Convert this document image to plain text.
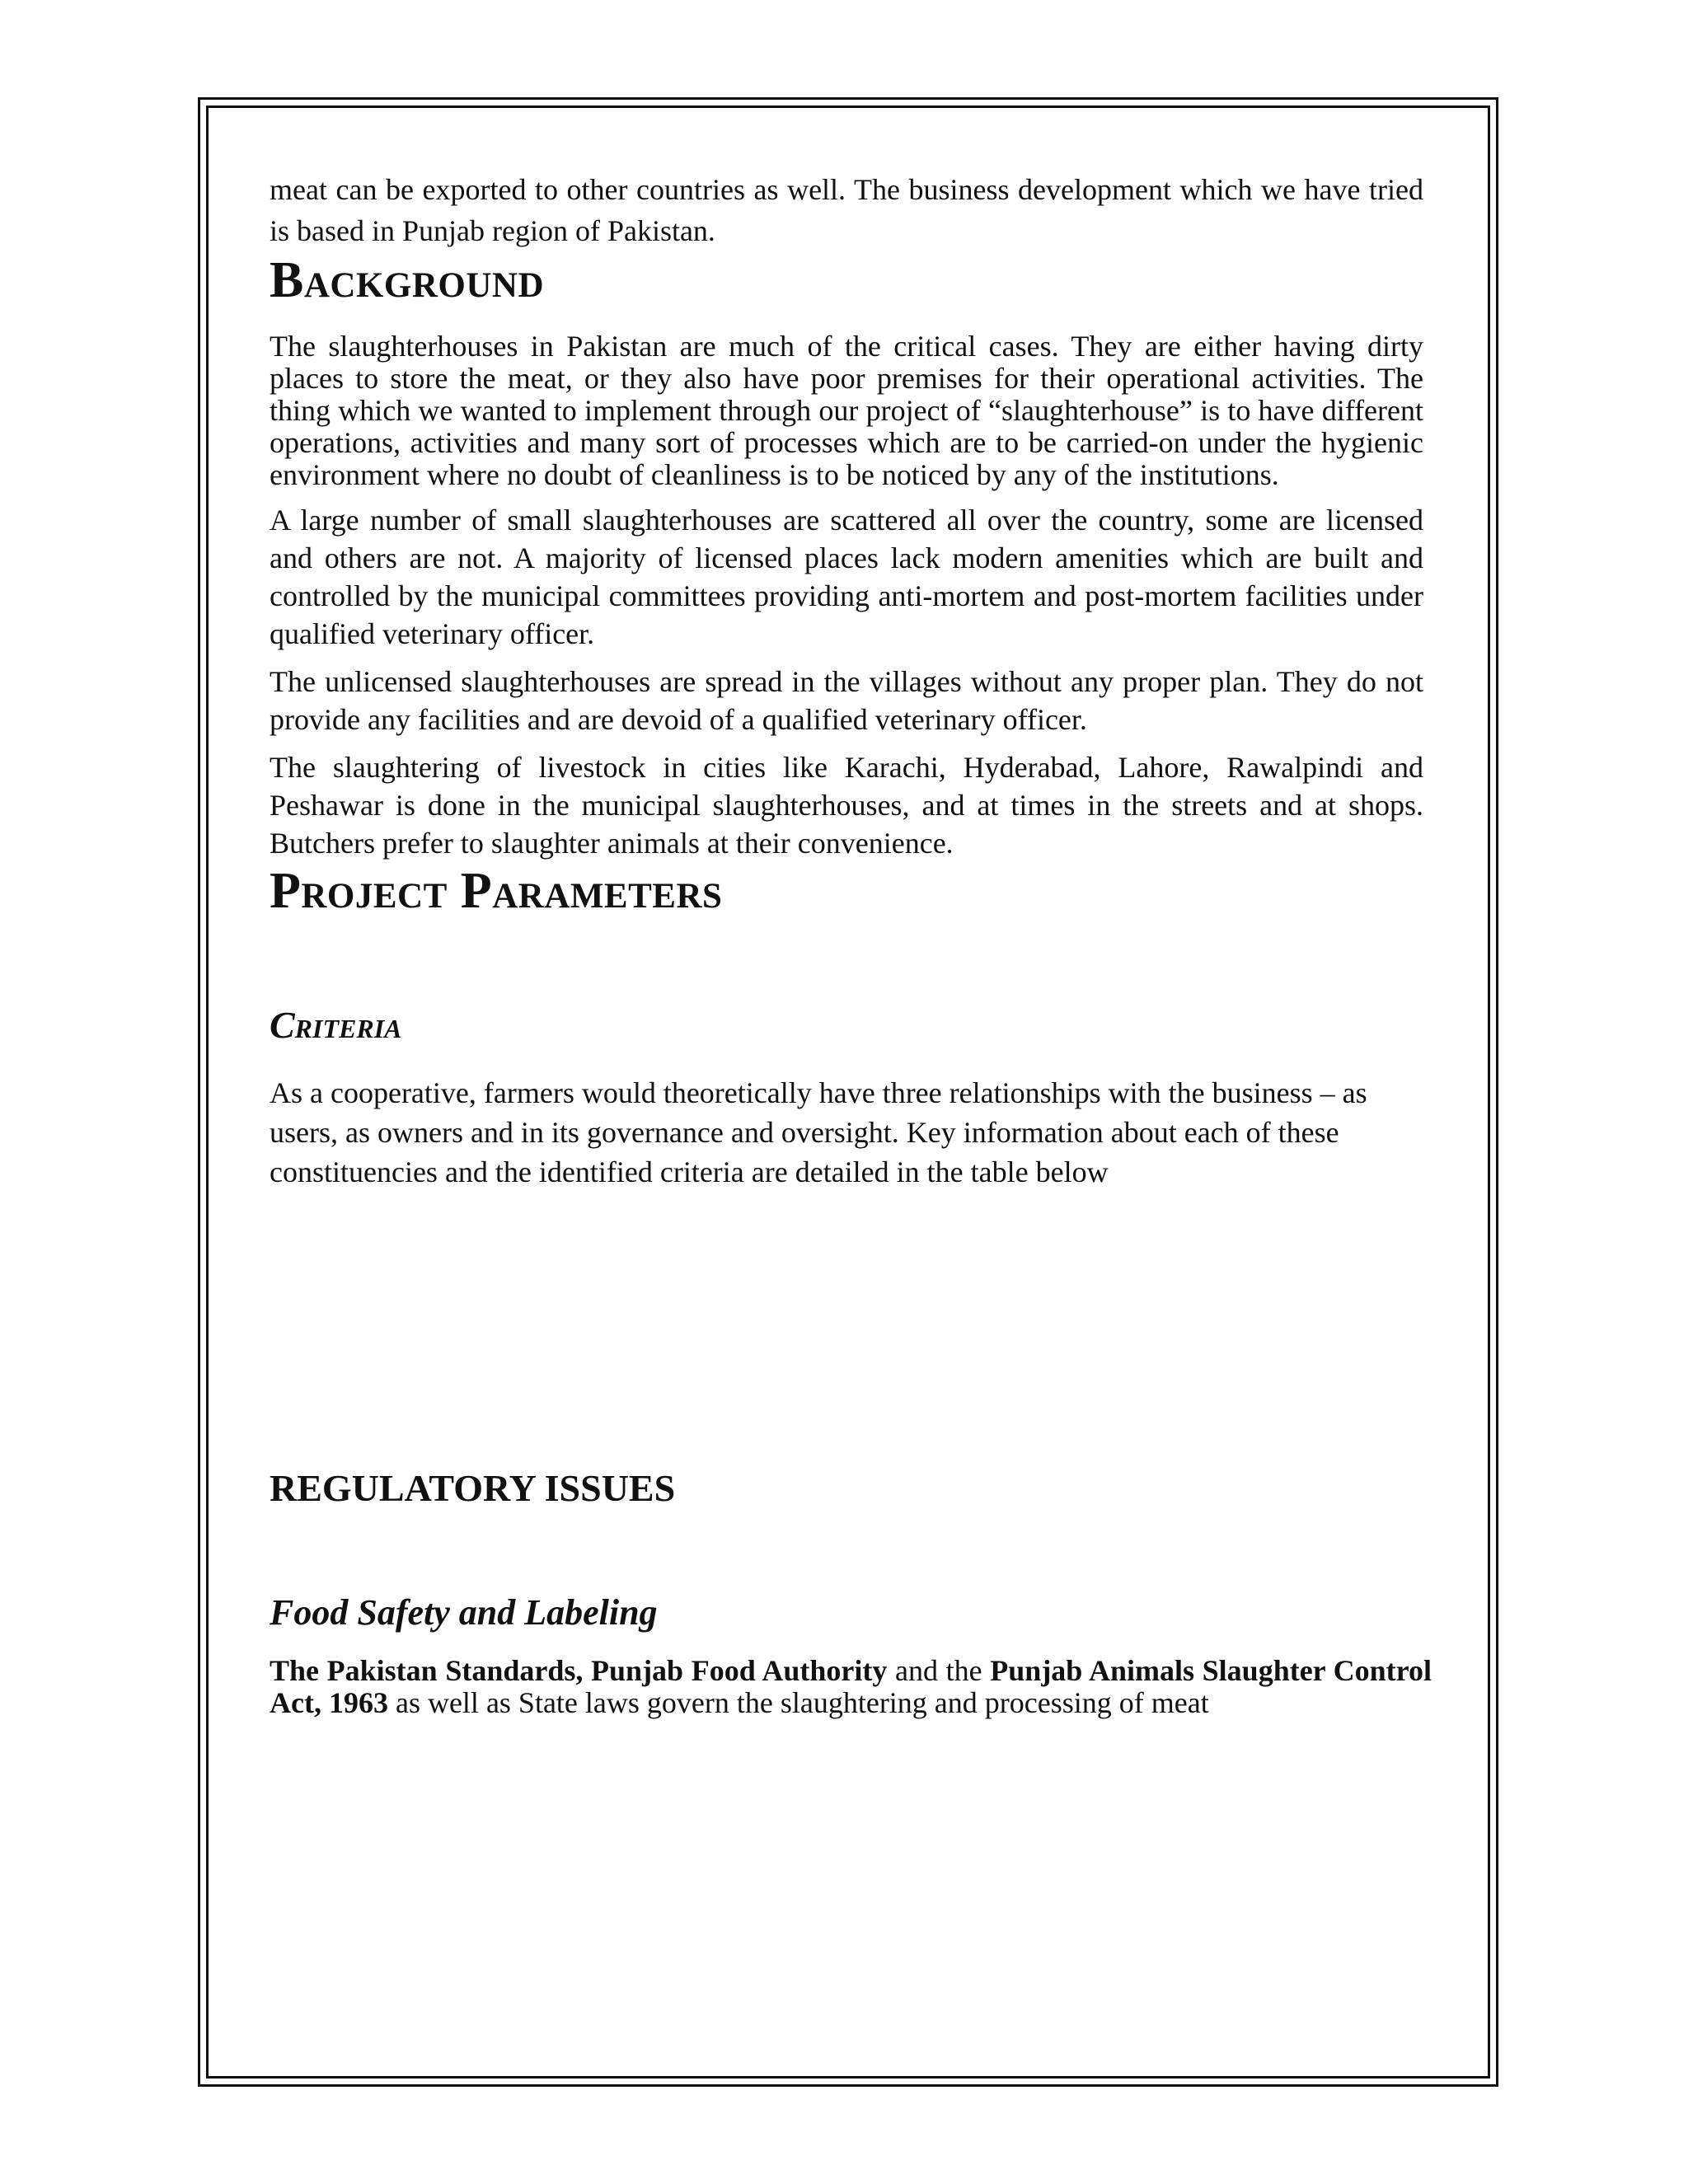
meat can be exported to other countries as well. The business development which we have tried is based in Punjab region of Pakistan.

Background

The slaughterhouses in Pakistan are much of the critical cases. They are either having dirty places to store the meat, or they also have poor premises for their operational activities. The thing which we wanted to implement through our project of “slaughterhouse” is to have different operations, activities and many sort of processes which are to be carried-on under the hygienic environment where no doubt of cleanliness is to be noticed by any of the institutions.

A large number of small slaughterhouses are scattered all over the country, some are licensed and others are not. A majority of licensed places lack modern amenities which are built and controlled by the municipal committees providing anti-mortem and post-mortem facilities under qualified veterinary officer.

The unlicensed slaughterhouses are spread in the villages without any proper plan. They do not provide any facilities and are devoid of a qualified veterinary officer.

The slaughtering of livestock in cities like Karachi, Hyderabad, Lahore, Rawalpindi and Peshawar is done in the municipal slaughterhouses, and at times in the streets and at shops. Butchers prefer to slaughter animals at their convenience.

Project Parameters
Criteria

As a cooperative, farmers would theoretically have three relationships with the business – as users, as owners and in its governance and oversight. Key information about each of these constituencies and the identified criteria are detailed in the table below

REGULATORY ISSUES
Food Safety and Labeling

The Pakistan Standards, Punjab Food Authority and the Punjab Animals Slaughter Control Act, 1963 as well as State laws govern the slaughtering and processing of meat
